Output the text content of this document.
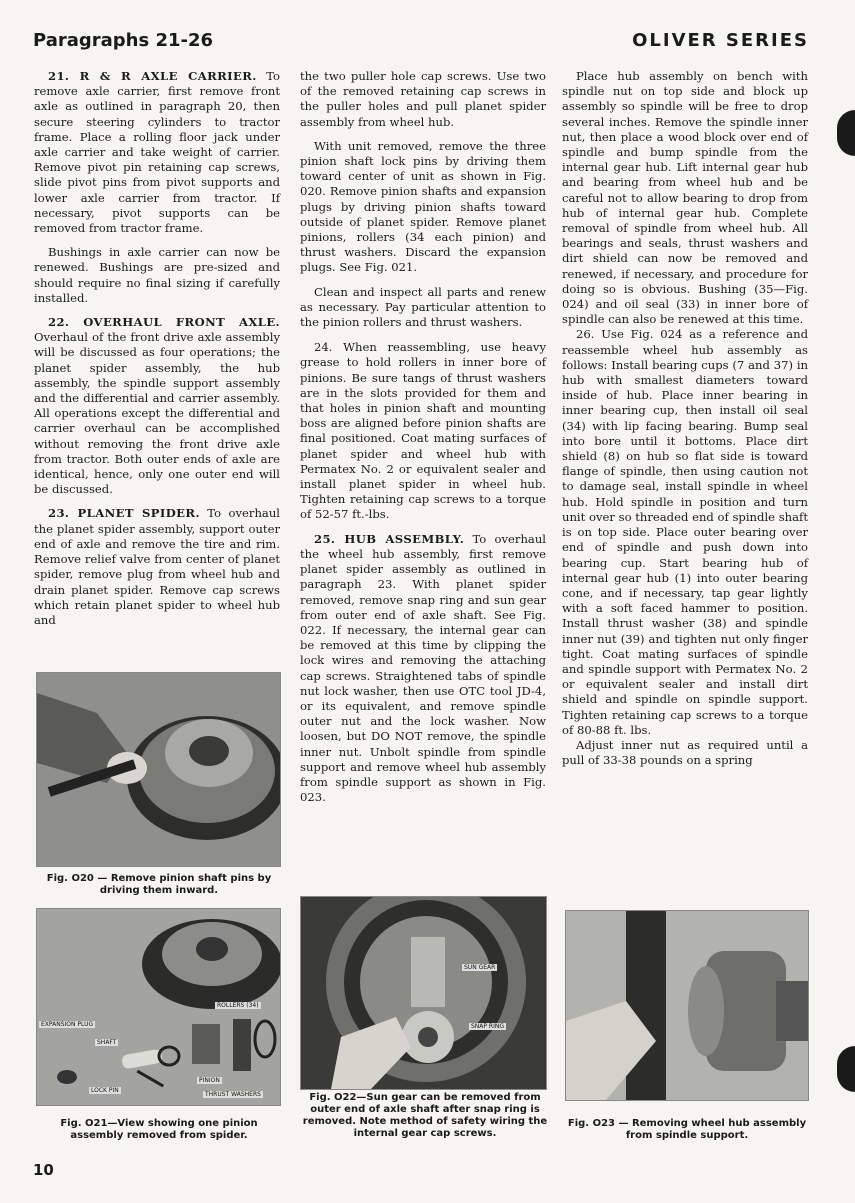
Paragraphs 21-26	OLIVER SERIES

21. R & R AXLE CARRIER. To remove axle carrier, first remove front axle as outlined in paragraph 20, then secure steering cylinders to tractor frame. Place a rolling floor jack under axle carrier and take weight of carrier. Remove pivot pin retaining cap screws, slide pivot pins from pivot supports and lower axle carrier from tractor. If necessary, pivot supports can be removed from tractor frame.

Bushings in axle carrier can now be renewed. Bushings are pre-sized and should require no final sizing if carefully installed.

22. OVERHAUL FRONT AXLE. Overhaul of the front drive axle assembly will be discussed as four operations; the planet spider assembly, the hub assembly, the spindle support assembly and the differential and carrier assembly. All operations except the differential and carrier overhaul can be accomplished without removing the front drive axle from tractor. Both outer ends of axle are identical, hence, only one outer end will be discussed.

23. PLANET SPIDER. To overhaul the planet spider assembly, support outer end of axle and remove the tire and rim. Remove relief valve from center of planet spider, remove plug from wheel hub and drain planet spider. Remove cap screws which retain planet spider to wheel hub and

the two puller hole cap screws. Use two of the removed retaining cap screws in the puller holes and pull planet spider assembly from wheel hub.

With unit removed, remove the three pinion shaft lock pins by driving them toward center of unit as shown in Fig. 020. Remove pinion shafts and expansion plugs by driving pinion shafts toward outside of planet spider. Remove planet pinions, rollers (34 each pinion) and thrust washers. Discard the expansion plugs. See Fig. 021.

Clean and inspect all parts and renew as necessary. Pay particular attention to the pinion rollers and thrust washers.

24. When reassembling, use heavy grease to hold rollers in inner bore of pinions. Be sure tangs of thrust washers are in the slots provided for them and that holes in pinion shaft and mounting boss are aligned before pinion shafts are final positioned. Coat mating surfaces of planet spider and wheel hub with Permatex No. 2 or equivalent sealer and install planet spider in wheel hub. Tighten retaining cap screws to a torque of 52-57 ft.-lbs.

25. HUB ASSEMBLY. To overhaul the wheel hub assembly, first remove planet spider assembly as outlined in paragraph 23. With planet spider removed, remove snap ring and sun gear from outer end of axle shaft. See Fig. 022. If necessary, the internal gear can be removed at this time by clipping the lock wires and removing the attaching cap screws. Straightened tabs of spindle nut lock washer, then use OTC tool JD-4, or its equivalent, and remove spindle outer nut and the lock washer. Now loosen, but DO NOT remove, the spindle inner nut. Unbolt spindle from spindle support and remove wheel hub assembly from spindle support as shown in Fig. 023.

Place hub assembly on bench with spindle nut on top side and block up assembly so spindle will be free to drop several inches. Remove the spindle inner nut, then place a wood block over end of spindle and bump spindle from the internal gear hub. Lift internal gear hub and bearing from wheel hub and be careful not to allow bearing to drop from hub of internal gear hub. Complete removal of spindle from wheel hub. All bearings and seals, thrust washers and dirt shield can now be removed and renewed, if necessary, and procedure for doing so is obvious. Bushing (35—Fig. 024) and oil seal (33) in inner bore of spindle can also be renewed at this time.

26. Use Fig. 024 as a reference and reassemble wheel hub assembly as follows: Install bearing cups (7 and 37) in hub with smallest diameters toward inside of hub. Place inner bearing in inner bearing cup, then install oil seal (34) with lip facing bearing. Bump seal into bore until it bottoms. Place dirt shield (8) on hub so flat side is toward flange of spindle, then using caution not to damage seal, install spindle in wheel hub. Hold spindle in position and turn unit over so threaded end of spindle shaft is on top side. Place outer bearing over end of spindle and push down into bearing cup. Start bearing hub of internal gear hub (1) into outer bearing cone, and if necessary, tap gear lightly with a soft faced hammer to position. Install thrust washer (38) and spindle inner nut (39) and tighten nut only finger tight. Coat mating surfaces of spindle and spindle support with Permatex No. 2 or equivalent sealer and install dirt shield and spindle on spindle support. Tighten retaining cap screws to a torque of 80-88 ft. lbs.

Adjust inner nut as required until a pull of 33-38 pounds on a spring

Fig. O20 — Remove pinion shaft pins by driving them inward.
ROLLERS (34)
EXPANSION PLUG
SHAFT
LOCK PIN
PINION
THRUST WASHERS
Fig. O21—View showing one pinion assembly removed from spider.
SUN GEAR
SNAP RING
Fig. O22—Sun gear can be removed from outer end of axle shaft after snap ring is removed. Note method of safety wiring the internal gear cap screws.
Fig. O23 — Removing wheel hub assembly from spindle support.
10
